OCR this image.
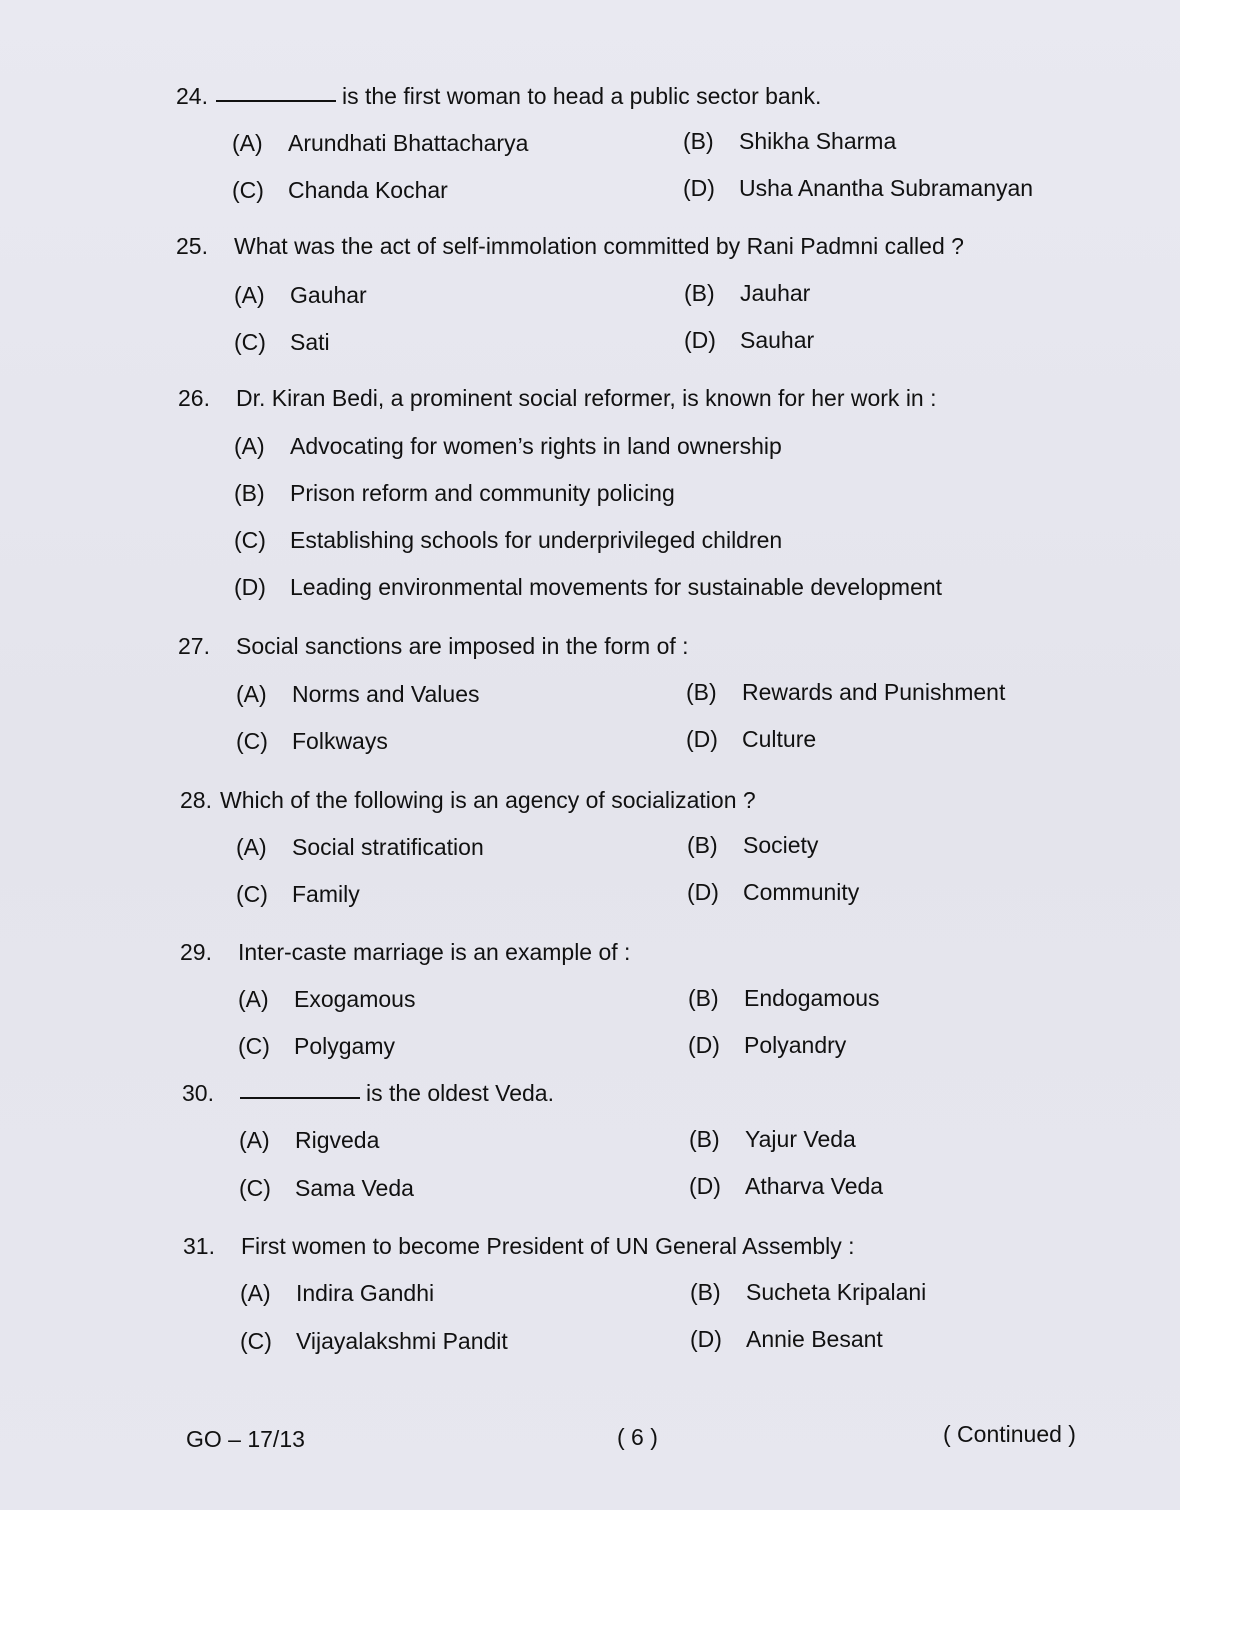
24.	is the first woman to head a public sector bank.
(A) Arundhati Bhattacharya	(B) Shikha Sharma
(C) Chanda Kochar	(D) Usha Anantha Subramanyan
25. What was the act of self-immolation committed by Rani Padmni called ?
(A) Gauhar	(B) Jauhar
(C) Sati	(D) Sauhar
26. Dr. Kiran Bedi, a prominent social reformer, is known for her work in :
(A) Advocating for women’s rights in land ownership
(B) Prison reform and community policing
(C) Establishing schools for underprivileged children
(D) Leading environmental movements for sustainable development
27. Social sanctions are imposed in the form of :
(A) Norms and Values	(B) Rewards and Punishment
(C) Folkways	(D) Culture
28. Which of the following is an agency of socialization ?
(A) Social stratification	(B) Society
(C) Family	(D) Community
29. Inter-caste marriage is an example of :
(A) Exogamous	(B) Endogamous
(C) Polygamy	(D) Polyandry
30.	is the oldest Veda.
(A) Rigveda	(B) Yajur Veda
(C) Sama Veda	(D) Atharva Veda
31. First women to become President of UN General Assembly :
(A) Indira Gandhi	(B) Sucheta Kripalani
(C) Vijayalakshmi Pandit	(D) Annie Besant
GO – 17/13	( 6 )	( Continued )
